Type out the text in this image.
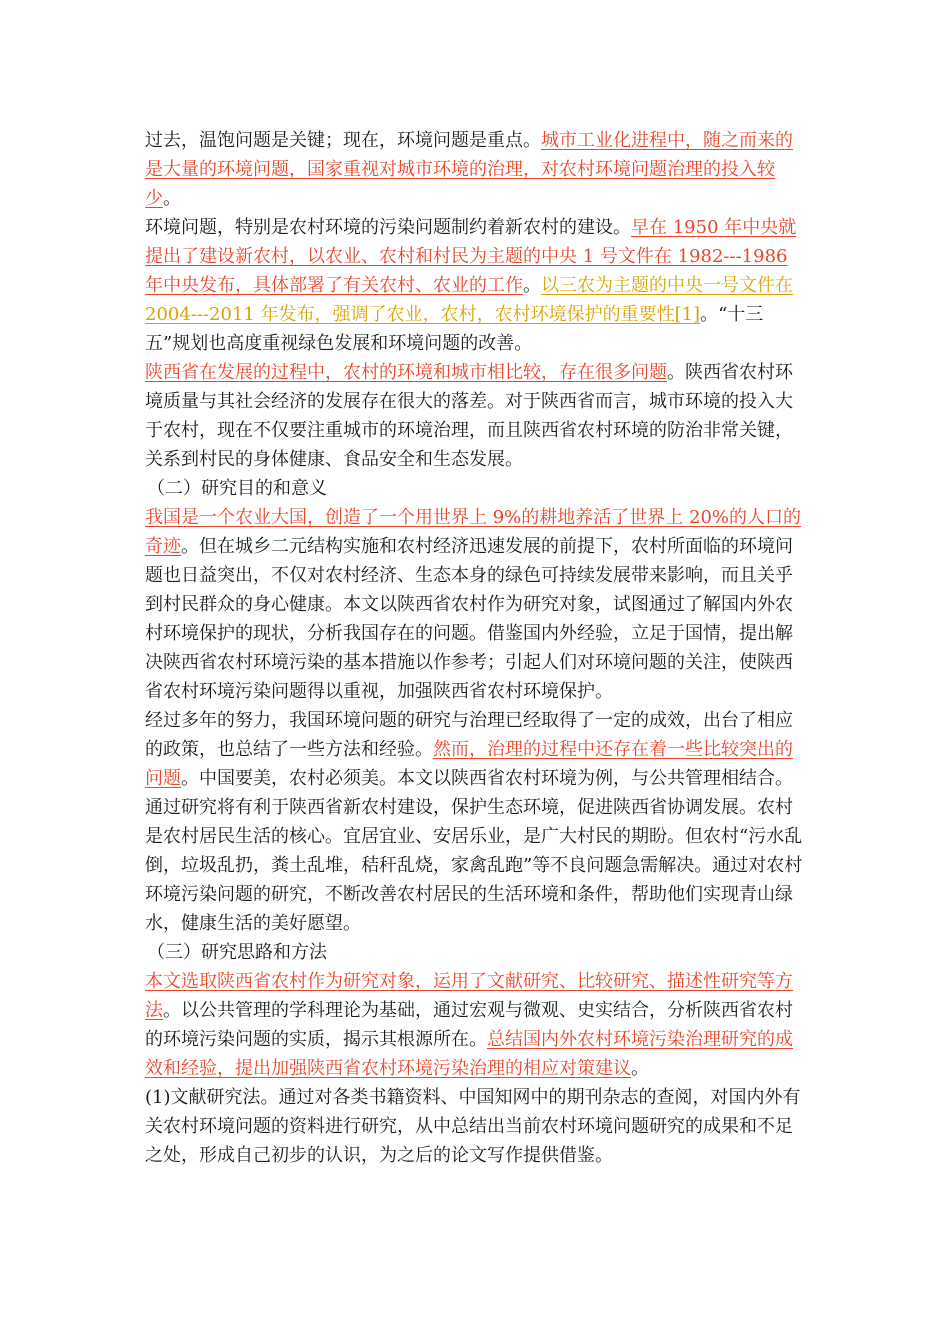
过去，温饱问题是关键；现在，环境问题是重点。城市工业化进程中，随之而来的是大量的环境问题，国家重视对城市环境的治理，对农村环境问题治理的投入较少。

环境问题，特别是农村环境的污染问题制约着新农村的建设。早在 1950 年中央就提出了建设新农村，以农业、农村和村民为主题的中央 1 号文件在 1982---1986 年中央发布，具体部署了有关农村、农业的工作。以三农为主题的中央一号文件在 2004---2011 年发布，强调了农业，农村，农村环境保护的重要性[1]。“十三五”规划也高度重视绿色发展和环境问题的改善。

陕西省在发展的过程中，农村的环境和城市相比较，存在很多问题。陕西省农村环境质量与其社会经济的发展存在很大的落差。对于陕西省而言，城市环境的投入大于农村，现在不仅要注重城市的环境治理，而且陕西省农村环境的防治非常关键，关系到村民的身体健康、食品安全和生态发展。

（二）研究目的和意义

我国是一个农业大国，创造了一个用世界上 9%的耕地养活了世界上 20%的人口的奇迹。但在城乡二元结构实施和农村经济迅速发展的前提下，农村所面临的环境问题也日益突出，不仅对农村经济、生态本身的绿色可持续发展带来影响，而且关乎到村民群众的身心健康。本文以陕西省农村作为研究对象，试图通过了解国内外农村环境保护的现状，分析我国存在的问题。借鉴国内外经验，立足于国情，提出解决陕西省农村环境污染的基本措施以作参考；引起人们对环境问题的关注，使陕西省农村环境污染问题得以重视，加强陕西省农村环境保护。

经过多年的努力，我国环境问题的研究与治理已经取得了一定的成效，出台了相应的政策，也总结了一些方法和经验。然而，治理的过程中还存在着一些比较突出的问题。中国要美，农村必须美。本文以陕西省农村环境为例，与公共管理相结合。通过研究将有利于陕西省新农村建设，保护生态环境，促进陕西省协调发展。农村是农村居民生活的核心。宜居宜业、安居乐业，是广大村民的期盼。但农村“污水乱倒，垃圾乱扔，粪土乱堆，秸秆乱烧，家禽乱跑”等不良问题急需解决。通过对农村环境污染问题的研究，不断改善农村居民的生活环境和条件，帮助他们实现青山绿水，健康生活的美好愿望。

（三）研究思路和方法

本文选取陕西省农村作为研究对象，运用了文献研究、比较研究、描述性研究等方法。以公共管理的学科理论为基础，通过宏观与微观、史实结合，分析陕西省农村的环境污染问题的实质，揭示其根源所在。总结国内外农村环境污染治理研究的成效和经验，提出加强陕西省农村环境污染治理的相应对策建议。

(1)文献研究法。通过对各类书籍资料、中国知网中的期刊杂志的查阅，对国内外有关农村环境问题的资料进行研究，从中总结出当前农村环境问题研究的成果和不足之处，形成自己初步的认识，为之后的论文写作提供借鉴。
